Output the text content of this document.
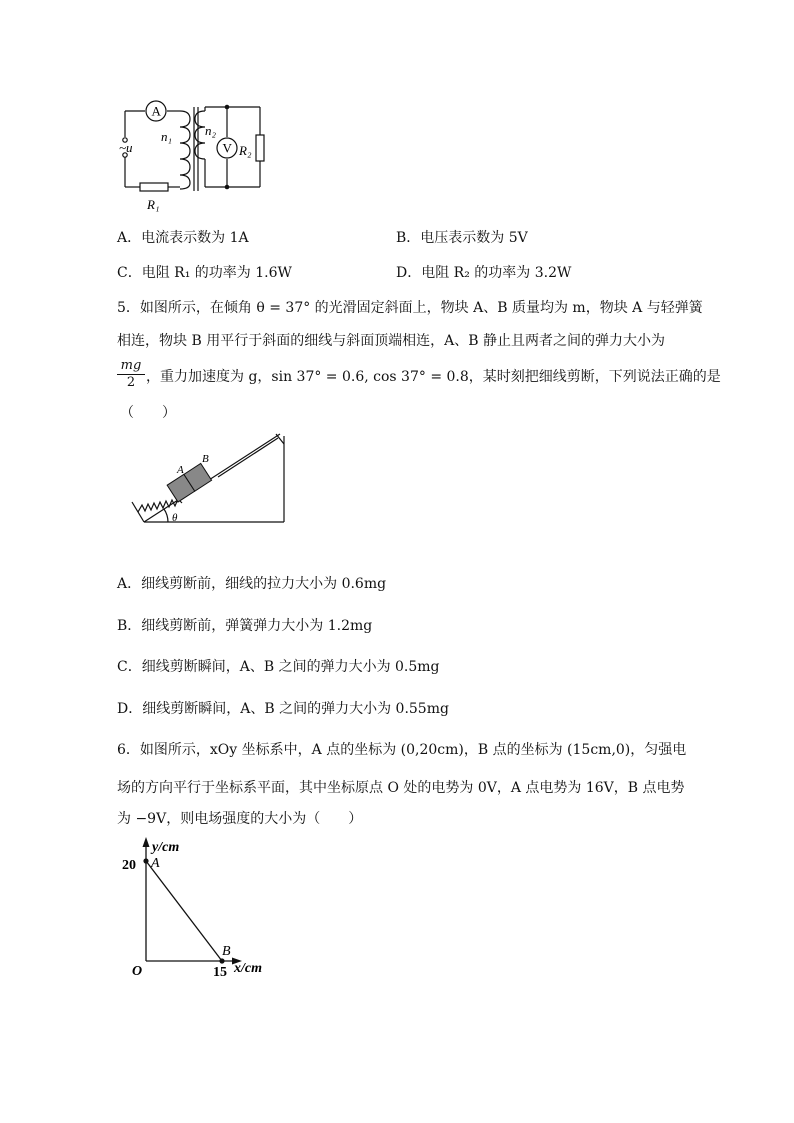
A
V
~u
n₁	n₂
R₂
R₁
A．电流表示数为 1A	B．电压表示数为 5V
C．电阻 R₁ 的功率为 1.6W	D．电阻 R₂ 的功率为 3.2W
5．如图所示，在倾角 θ = 37° 的光滑固定斜面上，物块 A、B 质量均为 m，物块 A 与轻弹簧
相连，物块 B 用平行于斜面的细线与斜面顶端相连，A、B 静止且两者之间的弹力大小为
$\frac{mg}{2}$ ，重力加速度为 g，sin 37° = 0.6, cos 37° = 0.8，某时刻把细线剪断，下列说法正确的是
（　　）
A
B
θ
A．细线剪断前，细线的拉力大小为 0.6mg
B．细线剪断前，弹簧弹力大小为 1.2mg
C．细线剪断瞬间，A、B 之间的弹力大小为 0.5mg
D．细线剪断瞬间，A、B 之间的弹力大小为 0.55mg
6．如图所示，xOy 坐标系中，A 点的坐标为 (0,20cm)，B 点的坐标为 (15cm,0)，匀强电
场的方向平行于坐标系平面，其中坐标原点 O 处的电势为 0V，A 点电势为 16V，B 点电势
为 −9V，则电场强度的大小为（　　）
y/cm
x/cm
20
15
O
A
B
